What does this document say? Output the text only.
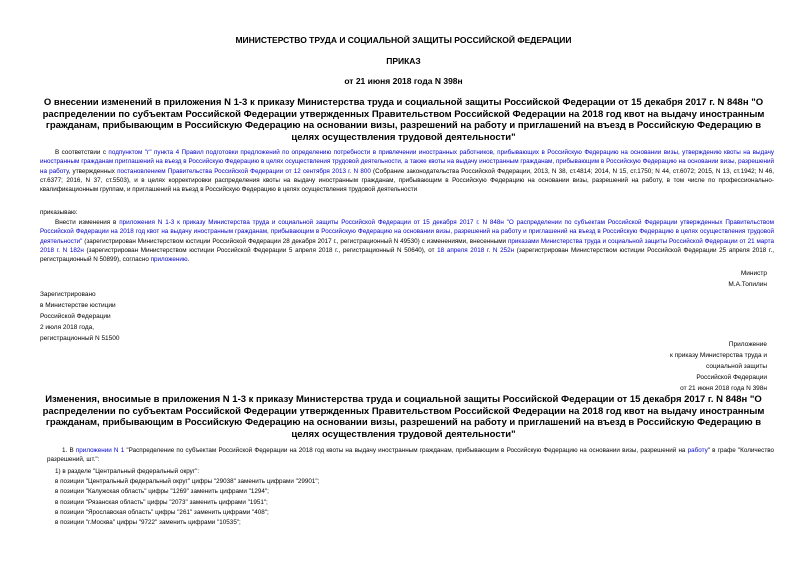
МИНИСТЕРСТВО ТРУДА И СОЦИАЛЬНОЙ ЗАЩИТЫ РОССИЙСКОЙ ФЕДЕРАЦИИ
ПРИКАЗ
от 21 июня 2018 года N 398н
О внесении изменений в приложения N 1-3 к приказу Министерства труда и социальной защиты Российской Федерации от 15 декабря 2017 г. N 848н "О распределении по субъектам Российской Федерации утвержденных Правительством Российской Федерации на 2018 год квот на выдачу иностранным гражданам, прибывающим в Российскую Федерацию на основании визы, разрешений на работу и приглашений на въезд в Российскую Федерацию в целях осуществления трудовой деятельности"
В соответствии с подпунктом "г" пункта 4 Правил подготовки предложений по определению потребности в привлечении иностранных работников, прибывающих в Российскую Федерацию на основании визы, утверждению квоты на выдачу иностранным гражданам приглашений на въезд в Российскую Федерацию в целях осуществления трудовой деятельности, а также квоты на выдачу иностранным гражданам, прибывающим в Российскую Федерацию на основании визы, разрешений на работу, утвержденных постановлением Правительства Российской Федерации от 12 сентября 2013 г. N 800 (Собрание законодательства Российской Федерации, 2013, N 38, ст.4814; 2014, N 15, ст.1750; N 44, ст.6072; 2015, N 13, ст.1942; N 46, ст.6377; 2016, N 37, ст.5503), и в целях корректировки распределения квоты на выдачу иностранным гражданам, прибывающим в Российскую Федерацию на основании визы, разрешений на работу, в том числе по профессионально-квалификационным группам, и приглашений на въезд в Российскую Федерацию в целях осуществления трудовой деятельности
приказываю:
Внести изменения в приложения N 1-3 к приказу Министерства труда и социальной защиты Российской Федерации от 15 декабря 2017 г. N 848н "О распределении по субъектам Российской Федерации утвержденных Правительством Российской Федерации на 2018 год квот на выдачу иностранным гражданам, прибывающим в Российскую Федерацию на основании визы, разрешений на работу и приглашений на въезд в Российскую Федерацию в целях осуществления трудовой деятельности" (зарегистрирован Министерством юстиции Российской Федерации 28 декабря 2017 г., регистрационный N 49530) с изменениями, внесенными приказами Министерства труда и социальной защиты Российской Федерации от 21 марта 2018 г. N 182н (зарегистрирован Министерством юстиции Российской Федерации 5 апреля 2018 г., регистрационный N 50640), от 18 апреля 2018 г. N 252н (зарегистрирован Министерством юстиции Российской Федерации 25 апреля 2018 г., регистрационный N 50899), согласно приложению.
Министр
М.А.Топилин
Зарегистрировано
в Министерстве юстиции
Российской Федерации
2 июля 2018 года,
регистрационный N 51500
Приложение
к приказу Министерства труда и
социальной защиты
Российской Федерации
от 21 июня 2018 года N 398н
Изменения, вносимые в приложения N 1-3 к приказу Министерства труда и социальной защиты Российской Федерации от 15 декабря 2017 г. N 848н "О распределении по субъектам Российской Федерации утвержденных Правительством Российской Федерации на 2018 год квот на выдачу иностранным гражданам, прибывающим в Российскую Федерацию на основании визы, разрешений на работу и приглашений на въезд в Российскую Федерацию в целях осуществления трудовой деятельности"
1. В приложении N 1 "Распределение по субъектам Российской Федерации на 2018 год квоты на выдачу иностранным гражданам, прибывающим в Российскую Федерацию на основании визы, разрешений на работу" в графе "Количество разрешений, шт.":
1) в разделе "Центральный федеральный округ":
в позиции "Центральный федеральный округ" цифры "29038" заменить цифрами "29901";
в позиции "Калужская область" цифры "1269" заменить цифрами "1294";
в позиции "Рязанская область" цифры "2073" заменить цифрами "1951";
в позиции "Ярославская область" цифры "261" заменить цифрами "408";
в позиции "г.Москва" цифры "9722" заменить цифрами "10535";
